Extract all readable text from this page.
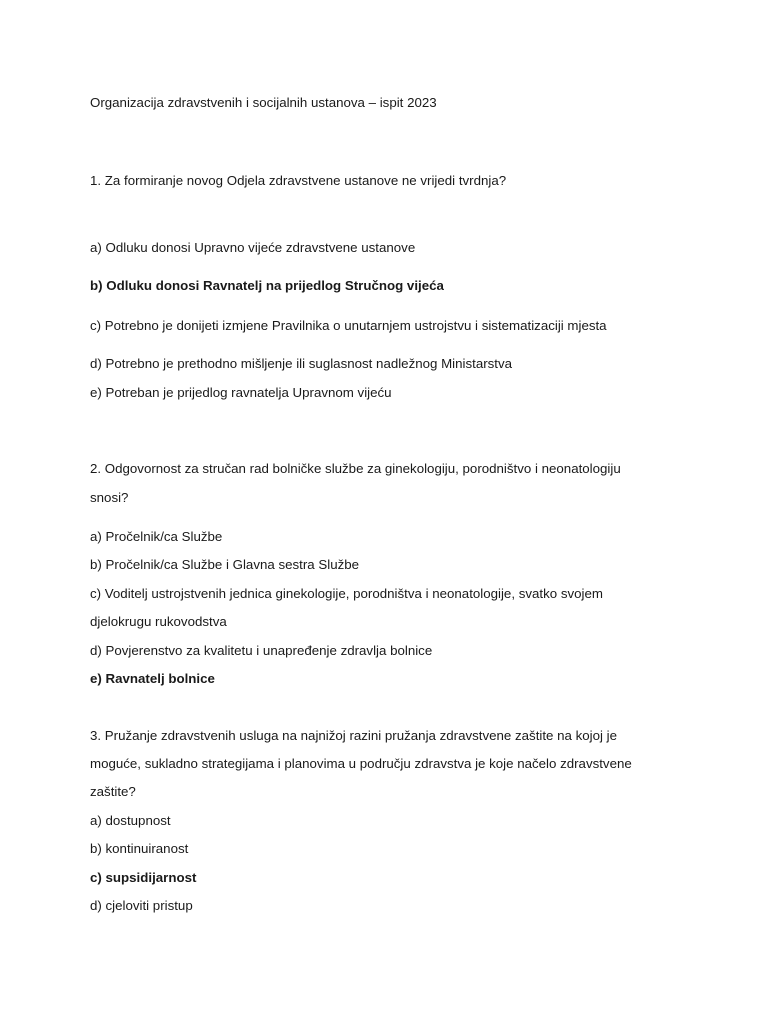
Organizacija zdravstvenih i socijalnih ustanova – ispit 2023
1. Za formiranje novog Odjela zdravstvene ustanove ne vrijedi tvrdnja?
a) Odluku donosi Upravno vijeće zdravstvene ustanove
b) Odluku donosi Ravnatelj na prijedlog Stručnog vijeća
c) Potrebno je donijeti izmjene Pravilnika o unutarnjem ustrojstvu i sistematizaciji mjesta
d) Potrebno je prethodno mišljenje ili suglasnost nadležnog Ministarstva
e) Potreban je prijedlog ravnatelja Upravnom vijeću
2. Odgovornost za stručan rad bolničke službe za ginekologiju, porodništvo i neonatologiju
snosi?
a) Pročelnik/ca Službe
b) Pročelnik/ca Službe i Glavna sestra Službe
c) Voditelj ustrojstvenih jednica ginekologije, porodništva i neonatologije, svatko svojem
djelokrugu rukovodstva
d) Povjerenstvo za kvalitetu i unapređenje zdravlja bolnice
e) Ravnatelj bolnice
3. Pružanje zdravstvenih usluga na najnižoj razini pružanja zdravstvene zaštite na kojoj je
moguće, sukladno strategijama i planovima u području zdravstva je koje načelo zdravstvene
zaštite?
a) dostupnost
b) kontinuiranost
c) supsidijarnost
d) cjeloviti pristup
